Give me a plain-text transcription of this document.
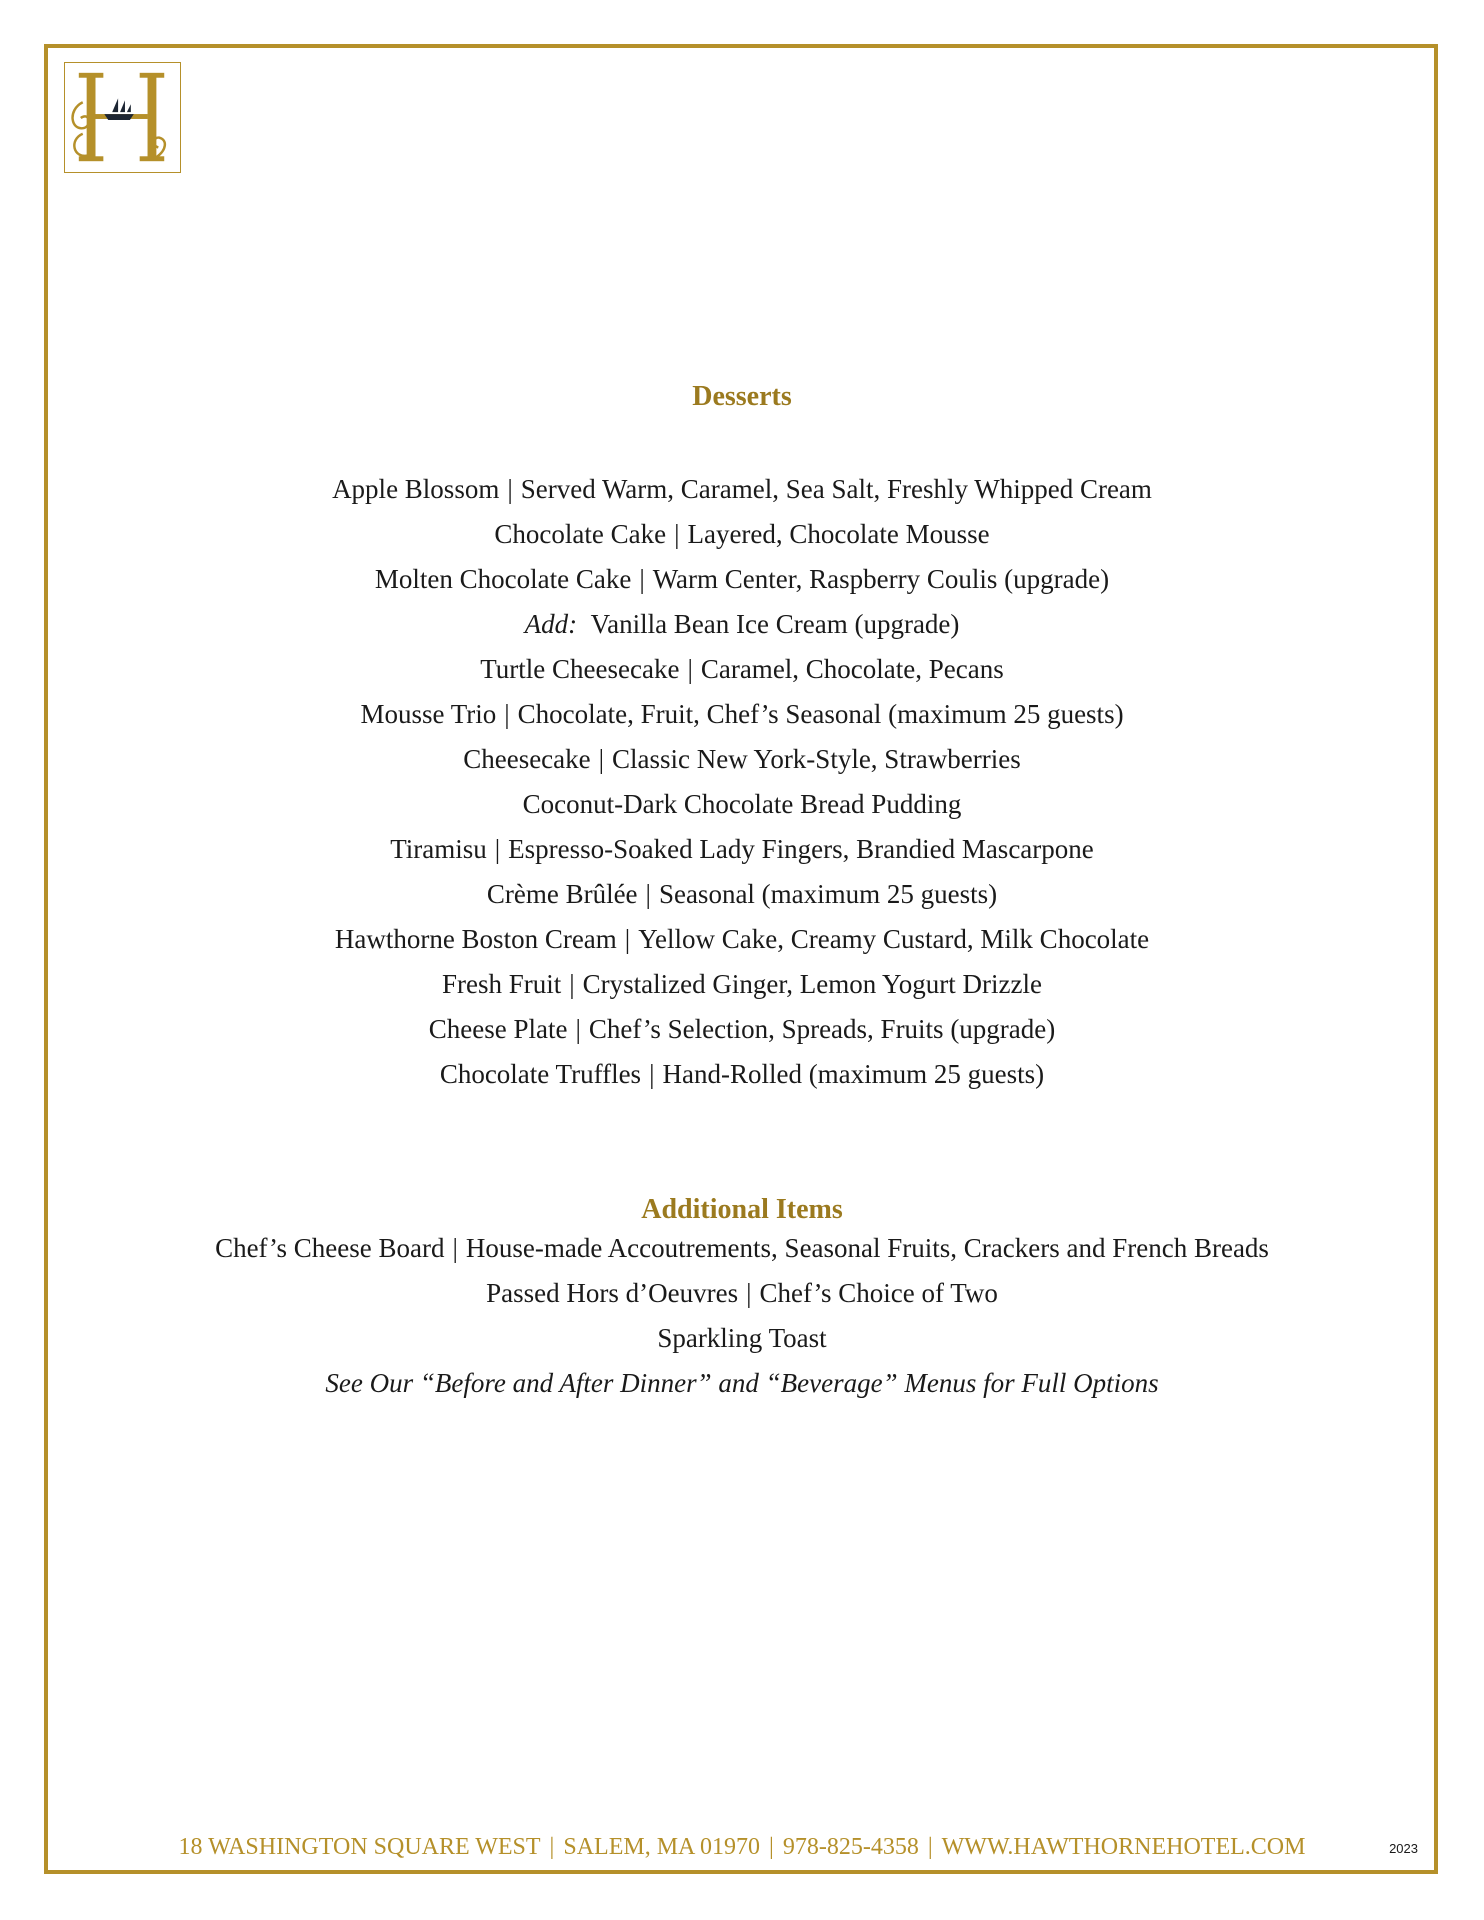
Desserts
Apple Blossom | Served Warm, Caramel, Sea Salt, Freshly Whipped Cream
Chocolate Cake | Layered, Chocolate Mousse
Molten Chocolate Cake | Warm Center, Raspberry Coulis (upgrade)
Add: Vanilla Bean Ice Cream (upgrade)
Turtle Cheesecake | Caramel, Chocolate, Pecans
Mousse Trio | Chocolate, Fruit, Chef’s Seasonal (maximum 25 guests)
Cheesecake | Classic New York-Style, Strawberries
Coconut-Dark Chocolate Bread Pudding
Tiramisu | Espresso-Soaked Lady Fingers, Brandied Mascarpone
Crème Brûlée | Seasonal (maximum 25 guests)
Hawthorne Boston Cream | Yellow Cake, Creamy Custard, Milk Chocolate
Fresh Fruit | Crystalized Ginger, Lemon Yogurt Drizzle
Cheese Plate | Chef’s Selection, Spreads, Fruits (upgrade)
Chocolate Truffles | Hand-Rolled (maximum 25 guests)
Additional Items
Chef’s Cheese Board | House-made Accoutrements, Seasonal Fruits, Crackers and French Breads
Passed Hors d’Oeuvres | Chef’s Choice of Two
Sparkling Toast
See Our “Before and After Dinner” and “Beverage” Menus for Full Options
18 WASHINGTON SQUARE WEST | SALEM, MA 01970 | 978-825-4358 | WWW.HAWTHORNEHOTEL.COM	2023
